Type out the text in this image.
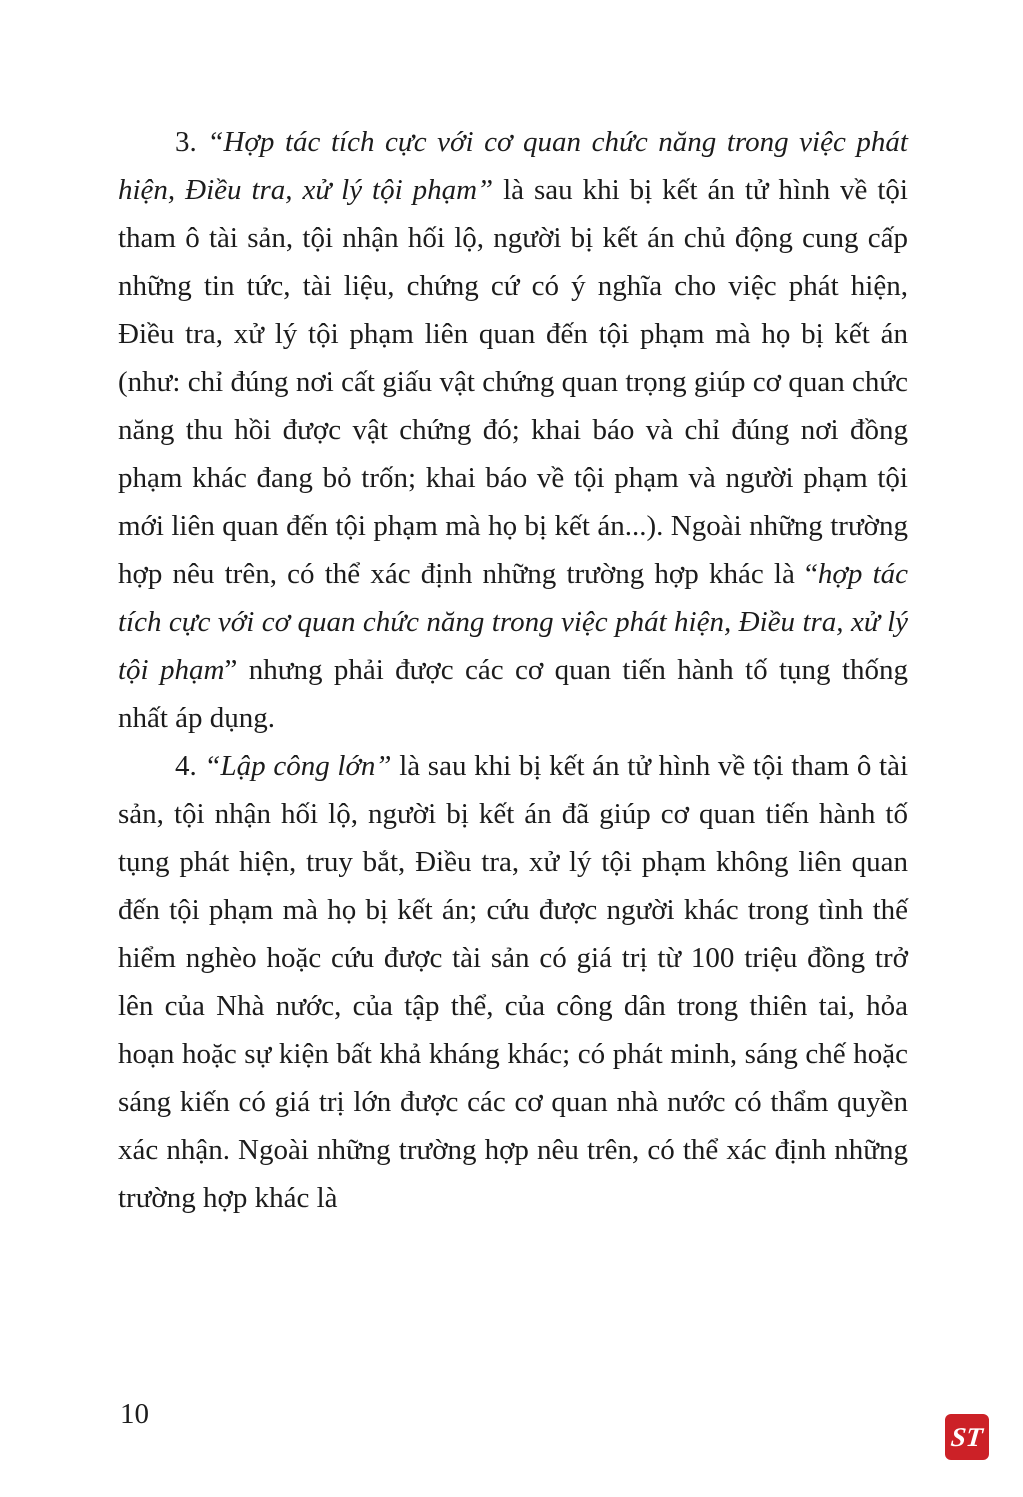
3. “Hợp tác tích cực với cơ quan chức năng trong việc phát hiện, Điều tra, xử lý tội phạm” là sau khi bị kết án tử hình về tội tham ô tài sản, tội nhận hối lộ, người bị kết án chủ động cung cấp những tin tức, tài liệu, chứng cứ có ý nghĩa cho việc phát hiện, Điều tra, xử lý tội phạm liên quan đến tội phạm mà họ bị kết án (như: chỉ đúng nơi cất giấu vật chứng quan trọng giúp cơ quan chức năng thu hồi được vật chứng đó; khai báo và chỉ đúng nơi đồng phạm khác đang bỏ trốn; khai báo về tội phạm và người phạm tội mới liên quan đến tội phạm mà họ bị kết án...). Ngoài những trường hợp nêu trên, có thể xác định những trường hợp khác là “hợp tác tích cực với cơ quan chức năng trong việc phát hiện, Điều tra, xử lý tội phạm” nhưng phải được các cơ quan tiến hành tố tụng thống nhất áp dụng.

4. “Lập công lớn” là sau khi bị kết án tử hình về tội tham ô tài sản, tội nhận hối lộ, người bị kết án đã giúp cơ quan tiến hành tố tụng phát hiện, truy bắt, Điều tra, xử lý tội phạm không liên quan đến tội phạm mà họ bị kết án; cứu được người khác trong tình thế hiểm nghèo hoặc cứu được tài sản có giá trị từ 100 triệu đồng trở lên của Nhà nước, của tập thể, của công dân trong thiên tai, hỏa hoạn hoặc sự kiện bất khả kháng khác; có phát minh, sáng chế hoặc sáng kiến có giá trị lớn được các cơ quan nhà nước có thẩm quyền xác nhận. Ngoài những trường hợp nêu trên, có thể xác định những trường hợp khác là

10
ST
